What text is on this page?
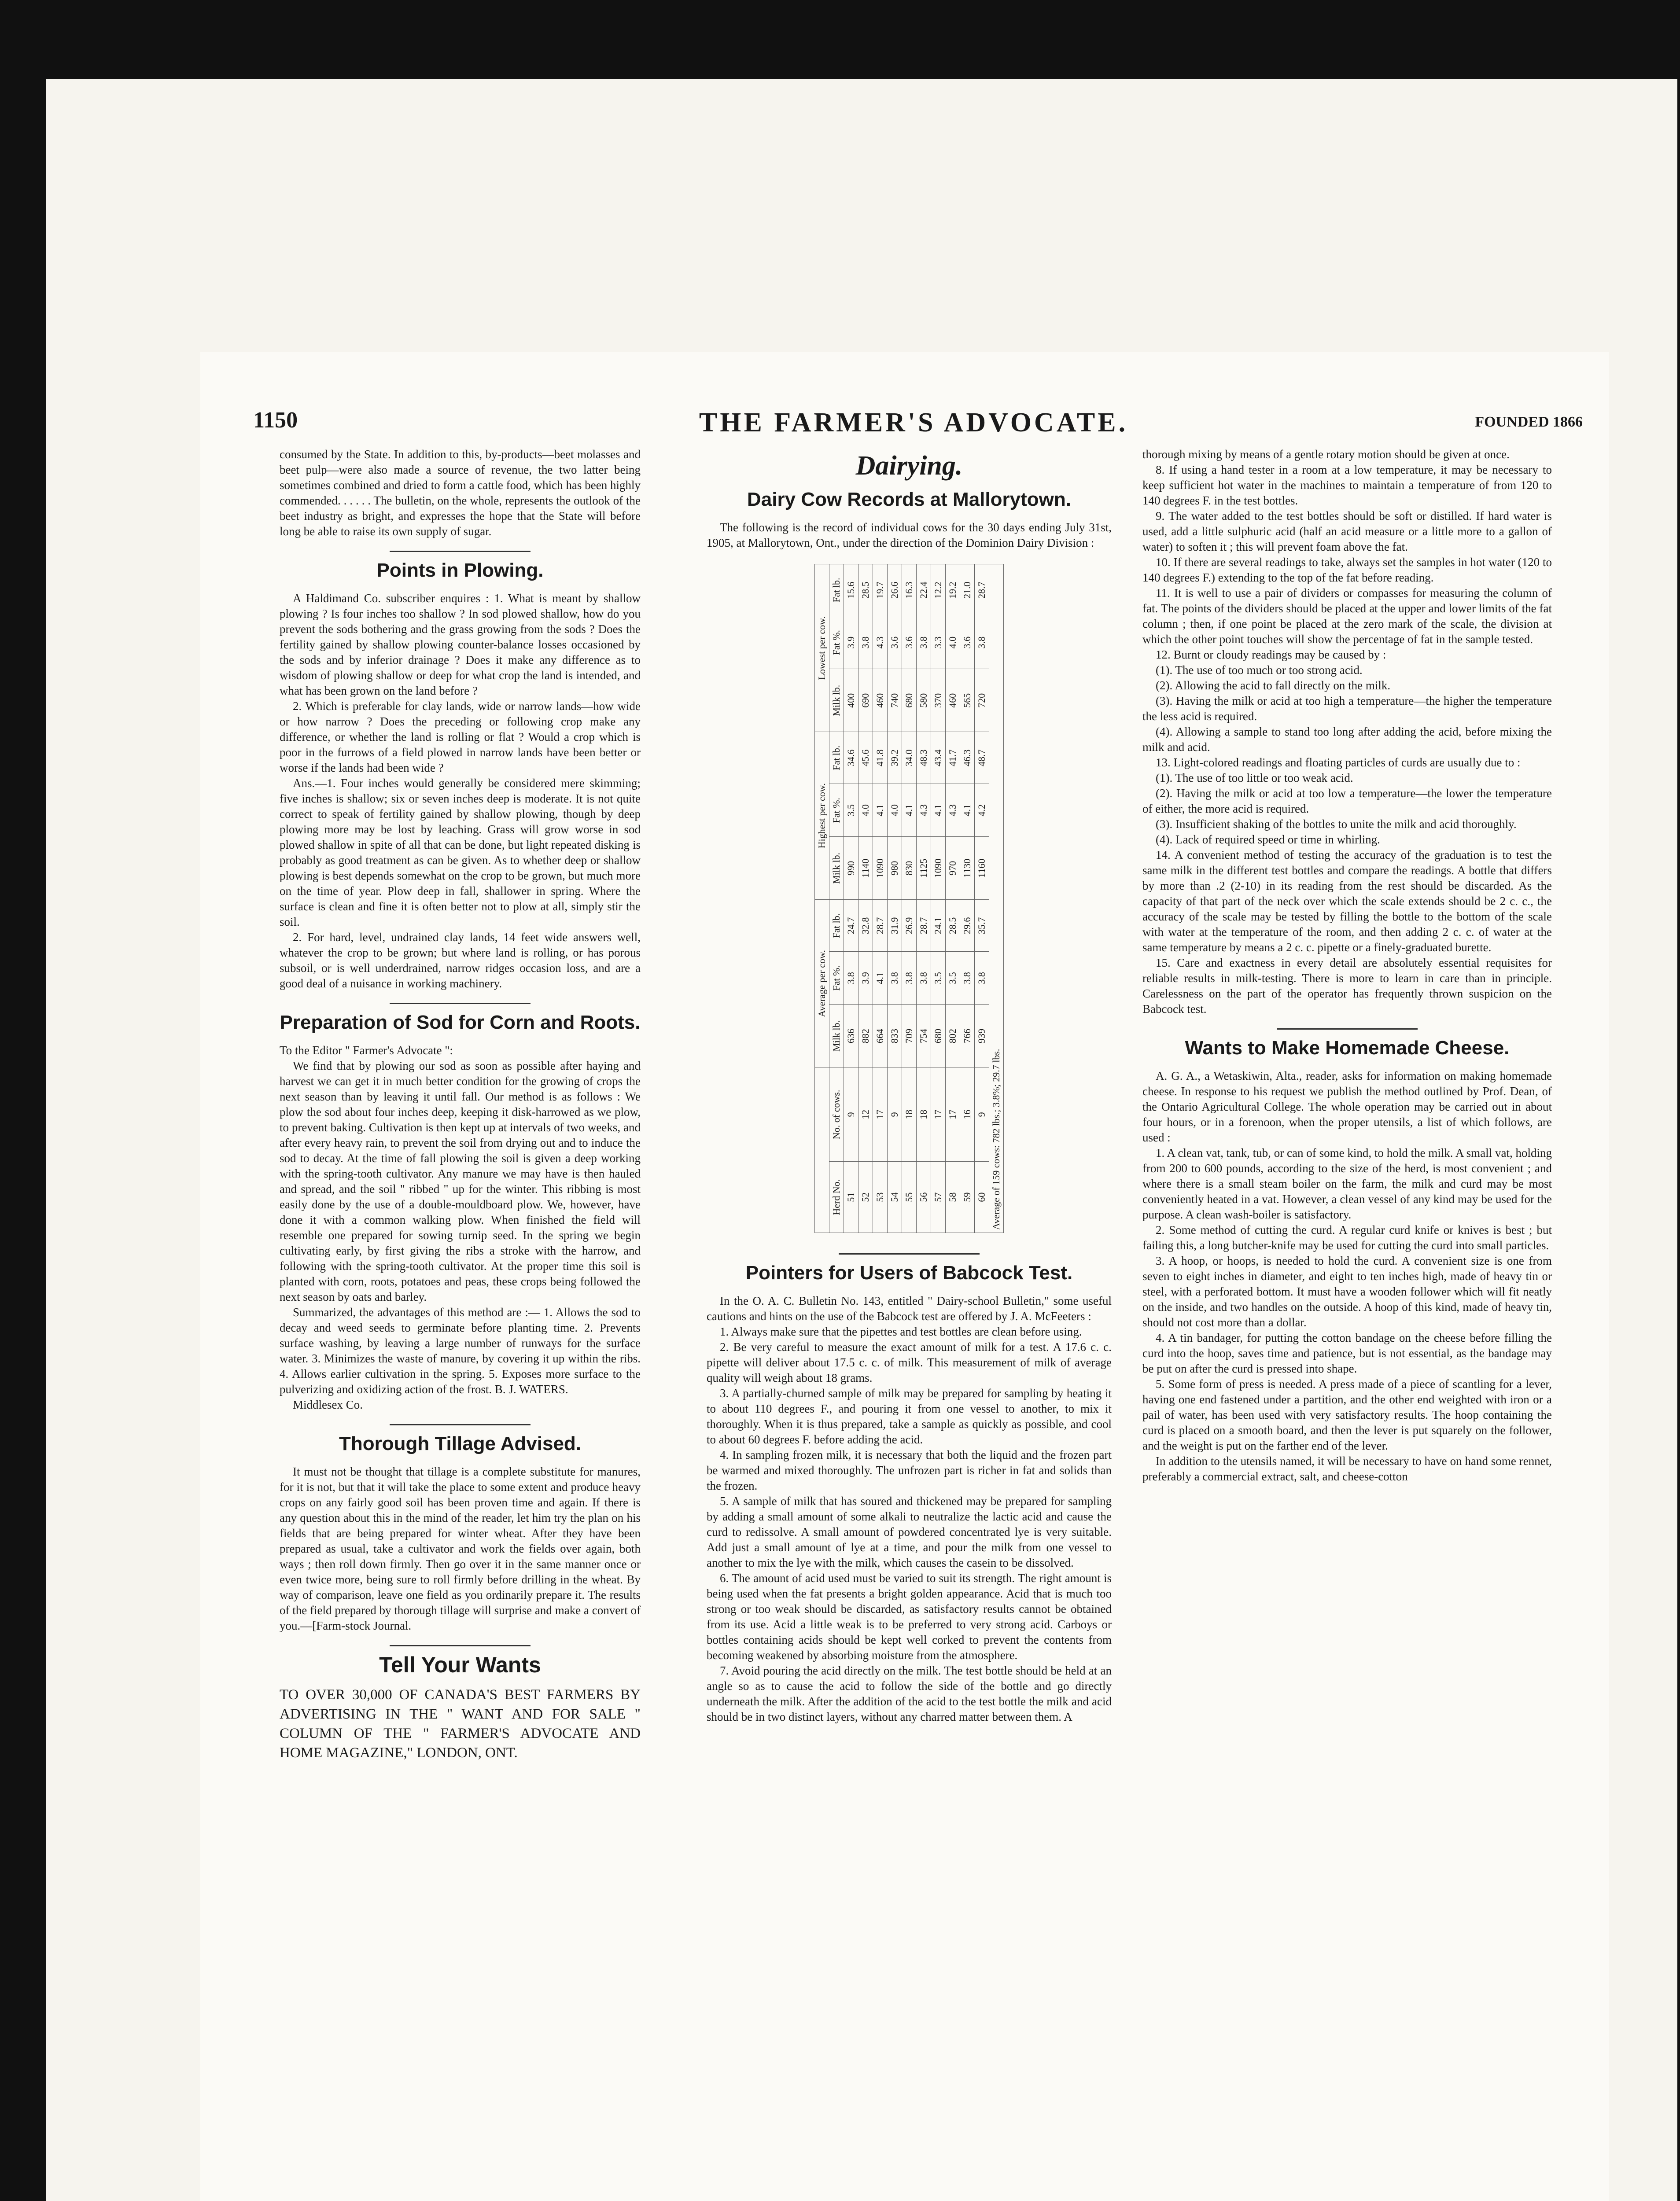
1150	THE FARMER'S ADVOCATE.	FOUNDED 1866

consumed by the State. In addition to this, by-products—beet molasses and beet pulp—were also made a source of revenue, the two latter being sometimes combined and dried to form a cattle food, which has been highly commended. . . . . . The bulletin, on the whole, represents the outlook of the beet industry as bright, and expresses the hope that the State will before long be able to raise its own supply of sugar.

Points in Plowing.

A Haldimand Co. subscriber enquires : 1. What is meant by shallow plowing ? Is four inches too shallow ? In sod plowed shallow, how do you prevent the sods bothering and the grass growing from the sods ? Does the fertility gained by shallow plowing counter-balance losses occasioned by the sods and by inferior drainage ? Does it make any difference as to wisdom of plowing shallow or deep for what crop the land is intended, and what has been grown on the land before ?

2. Which is preferable for clay lands, wide or narrow lands—how wide or how narrow ? Does the preceding or following crop make any difference, or whether the land is rolling or flat ? Would a crop which is poor in the furrows of a field plowed in narrow lands have been better or worse if the lands had been wide ?

Ans.—1. Four inches would generally be considered mere skimming; five inches is shallow; six or seven inches deep is moderate. It is not quite correct to speak of fertility gained by shallow plowing, though by deep plowing more may be lost by leaching. Grass will grow worse in sod plowed shallow in spite of all that can be done, but light repeated disking is probably as good treatment as can be given. As to whether deep or shallow plowing is best depends somewhat on the crop to be grown, but much more on the time of year. Plow deep in fall, shallower in spring. Where the surface is clean and fine it is often better not to plow at all, simply stir the soil.

2. For hard, level, undrained clay lands, 14 feet wide answers well, whatever the crop to be grown; but where land is rolling, or has porous subsoil, or is well underdrained, narrow ridges occasion loss, and are a good deal of a nuisance in working machinery.

Preparation of Sod for Corn and Roots.

To the Editor " Farmer's Advocate ":

We find that by plowing our sod as soon as possible after haying and harvest we can get it in much better condition for the growing of crops the next season than by leaving it until fall. Our method is as follows : We plow the sod about four inches deep, keeping it disk-harrowed as we plow, to prevent baking. Cultivation is then kept up at intervals of two weeks, and after every heavy rain, to prevent the soil from drying out and to induce the sod to decay. At the time of fall plowing the soil is given a deep working with the spring-tooth cultivator. Any manure we may have is then hauled and spread, and the soil " ribbed " up for the winter. This ribbing is most easily done by the use of a double-mouldboard plow. We, however, have done it with a common walking plow. When finished the field will resemble one prepared for sowing turnip seed. In the spring we begin cultivating early, by first giving the ribs a stroke with the harrow, and following with the spring-tooth cultivator. At the proper time this soil is planted with corn, roots, potatoes and peas, these crops being followed the next season by oats and barley.

Summarized, the advantages of this method are :— 1. Allows the sod to decay and weed seeds to germinate before planting time. 2. Prevents surface washing, by leaving a large number of runways for the surface water. 3. Minimizes the waste of manure, by covering it up within the ribs. 4. Allows earlier cultivation in the spring. 5. Exposes more surface to the pulverizing and oxidizing action of the frost. B. J. WATERS.

Middlesex Co.

Thorough Tillage Advised.

It must not be thought that tillage is a complete substitute for manures, for it is not, but that it will take the place to some extent and produce heavy crops on any fairly good soil has been proven time and again. If there is any question about this in the mind of the reader, let him try the plan on his fields that are being prepared for winter wheat. After they have been prepared as usual, take a cultivator and work the fields over again, both ways ; then roll down firmly. Then go over it in the same manner once or even twice more, being sure to roll firmly before drilling in the wheat. By way of comparison, leave one field as you ordinarily prepare it. The results of the field prepared by thorough tillage will surprise and make a convert of you.—[Farm-stock Journal.

Tell Your Wants

TO OVER 30,000 OF CANADA'S BEST FARMERS BY ADVERTISING IN THE " WANT AND FOR SALE " COLUMN OF THE " FARMER'S ADVOCATE AND HOME MAGAZINE," LONDON, ONT.

Dairying.
Dairy Cow Records at Mallorytown.

The following is the record of individual cows for the 30 days ending July 31st, 1905, at Mallorytown, Ont., under the direction of the Dominion Dairy Division :

		Average per cow.			Highest per cow.			Lowest per cow.		
Herd No.	No. of cows.	Milk lb.	Fat %.	Fat lb.	Milk lb.	Fat %.	Fat lb.	Milk lb.	Fat %.	Fat lb.
51	9	636	3.8	24.7	990	3.5	34.6	400	3.9	15.6
52	12	882	3.9	32.8	1140	4.0	45.6	690	3.8	28.5
53	17	664	4.1	28.7	1090	4.1	41.8	460	4.3	19.7
54	9	833	3.8	31.9	980	4.0	39.2	740	3.6	26.6
55	18	709	3.8	26.9	830	4.1	34.0	680	3.6	16.3
56	18	754	3.8	28.7	1125	4.3	48.3	580	3.8	22.4
57	17	680	3.5	24.1	1090	4.1	43.4	370	3.3	12.2
58	17	802	3.5	28.5	970	4.3	41.7	460	4.0	19.2
59	16	766	3.8	29.6	1130	4.1	46.3	565	3.6	21.0
60	9	939	3.8	35.7	1160	4.2	48.7	720	3.8	28.7
Average of 159 cows: 782 lbs.; 3.8%; 29.7 lbs.										
Pointers for Users of Babcock Test.

In the O. A. C. Bulletin No. 143, entitled " Dairy-school Bulletin," some useful cautions and hints on the use of the Babcock test are offered by J. A. McFeeters :

1. Always make sure that the pipettes and test bottles are clean before using.

2. Be very careful to measure the exact amount of milk for a test. A 17.6 c. c. pipette will deliver about 17.5 c. c. of milk. This measurement of milk of average quality will weigh about 18 grams.

3. A partially-churned sample of milk may be prepared for sampling by heating it to about 110 degrees F., and pouring it from one vessel to another, to mix it thoroughly. When it is thus prepared, take a sample as quickly as possible, and cool to about 60 degrees F. before adding the acid.

4. In sampling frozen milk, it is necessary that both the liquid and the frozen part be warmed and mixed thoroughly. The unfrozen part is richer in fat and solids than the frozen.

5. A sample of milk that has soured and thickened may be prepared for sampling by adding a small amount of some alkali to neutralize the lactic acid and cause the curd to redissolve. A small amount of powdered concentrated lye is very suitable. Add just a small amount of lye at a time, and pour the milk from one vessel to another to mix the lye with the milk, which causes the casein to be dissolved.

6. The amount of acid used must be varied to suit its strength. The right amount is being used when the fat presents a bright golden appearance. Acid that is much too strong or too weak should be discarded, as satisfactory results cannot be obtained from its use. Acid a little weak is to be preferred to very strong acid. Carboys or bottles containing acids should be kept well corked to prevent the contents from becoming weakened by absorbing moisture from the atmosphere.

7. Avoid pouring the acid directly on the milk. The test bottle should be held at an angle so as to cause the acid to follow the side of the bottle and go directly underneath the milk. After the addition of the acid to the test bottle the milk and acid should be in two distinct layers, without any charred matter between them. A

thorough mixing by means of a gentle rotary motion should be given at once.

8. If using a hand tester in a room at a low temperature, it may be necessary to keep sufficient hot water in the machines to maintain a temperature of from 120 to 140 degrees F. in the test bottles.

9. The water added to the test bottles should be soft or distilled. If hard water is used, add a little sulphuric acid (half an acid measure or a little more to a gallon of water) to soften it ; this will prevent foam above the fat.

10. If there are several readings to take, always set the samples in hot water (120 to 140 degrees F.) extending to the top of the fat before reading.

11. It is well to use a pair of dividers or compasses for measuring the column of fat. The points of the dividers should be placed at the upper and lower limits of the fat column ; then, if one point be placed at the zero mark of the scale, the division at which the other point touches will show the percentage of fat in the sample tested.

12. Burnt or cloudy readings may be caused by :

(1). The use of too much or too strong acid.

(2). Allowing the acid to fall directly on the milk.

(3). Having the milk or acid at too high a temperature—the higher the temperature the less acid is required.

(4). Allowing a sample to stand too long after adding the acid, before mixing the milk and acid.

13. Light-colored readings and floating particles of curds are usually due to :

(1). The use of too little or too weak acid.

(2). Having the milk or acid at too low a temperature—the lower the temperature of either, the more acid is required.

(3). Insufficient shaking of the bottles to unite the milk and acid thoroughly.

(4). Lack of required speed or time in whirling.

14. A convenient method of testing the accuracy of the graduation is to test the same milk in the different test bottles and compare the readings. A bottle that differs by more than .2 (2-10) in its reading from the rest should be discarded. As the capacity of that part of the neck over which the scale extends should be 2 c. c., the accuracy of the scale may be tested by filling the bottle to the bottom of the scale with water at the temperature of the room, and then adding 2 c. c. of water at the same temperature by means a 2 c. c. pipette or a finely-graduated burette.

15. Care and exactness in every detail are absolutely essential requisites for reliable results in milk-testing. There is more to learn in care than in principle. Carelessness on the part of the operator has frequently thrown suspicion on the Babcock test.

Wants to Make Homemade Cheese.

A. G. A., a Wetaskiwin, Alta., reader, asks for information on making homemade cheese. In response to his request we publish the method outlined by Prof. Dean, of the Ontario Agricultural College. The whole operation may be carried out in about four hours, or in a forenoon, when the proper utensils, a list of which follows, are used :

1. A clean vat, tank, tub, or can of some kind, to hold the milk. A small vat, holding from 200 to 600 pounds, according to the size of the herd, is most convenient ; and where there is a small steam boiler on the farm, the milk and curd may be most conveniently heated in a vat. However, a clean vessel of any kind may be used for the purpose. A clean wash-boiler is satisfactory.

2. Some method of cutting the curd. A regular curd knife or knives is best ; but failing this, a long butcher-knife may be used for cutting the curd into small particles.

3. A hoop, or hoops, is needed to hold the curd. A convenient size is one from seven to eight inches in diameter, and eight to ten inches high, made of heavy tin or steel, with a perforated bottom. It must have a wooden follower which will fit neatly on the inside, and two handles on the outside. A hoop of this kind, made of heavy tin, should not cost more than a dollar.

4. A tin bandager, for putting the cotton bandage on the cheese before filling the curd into the hoop, saves time and patience, but is not essential, as the bandage may be put on after the curd is pressed into shape.

5. Some form of press is needed. A press made of a piece of scantling for a lever, having one end fastened under a partition, and the other end weighted with iron or a pail of water, has been used with very satisfactory results. The hoop containing the curd is placed on a smooth board, and then the lever is put squarely on the follower, and the weight is put on the farther end of the lever.

In addition to the utensils named, it will be necessary to have on hand some rennet, preferably a commercial extract, salt, and cheese-cotton
